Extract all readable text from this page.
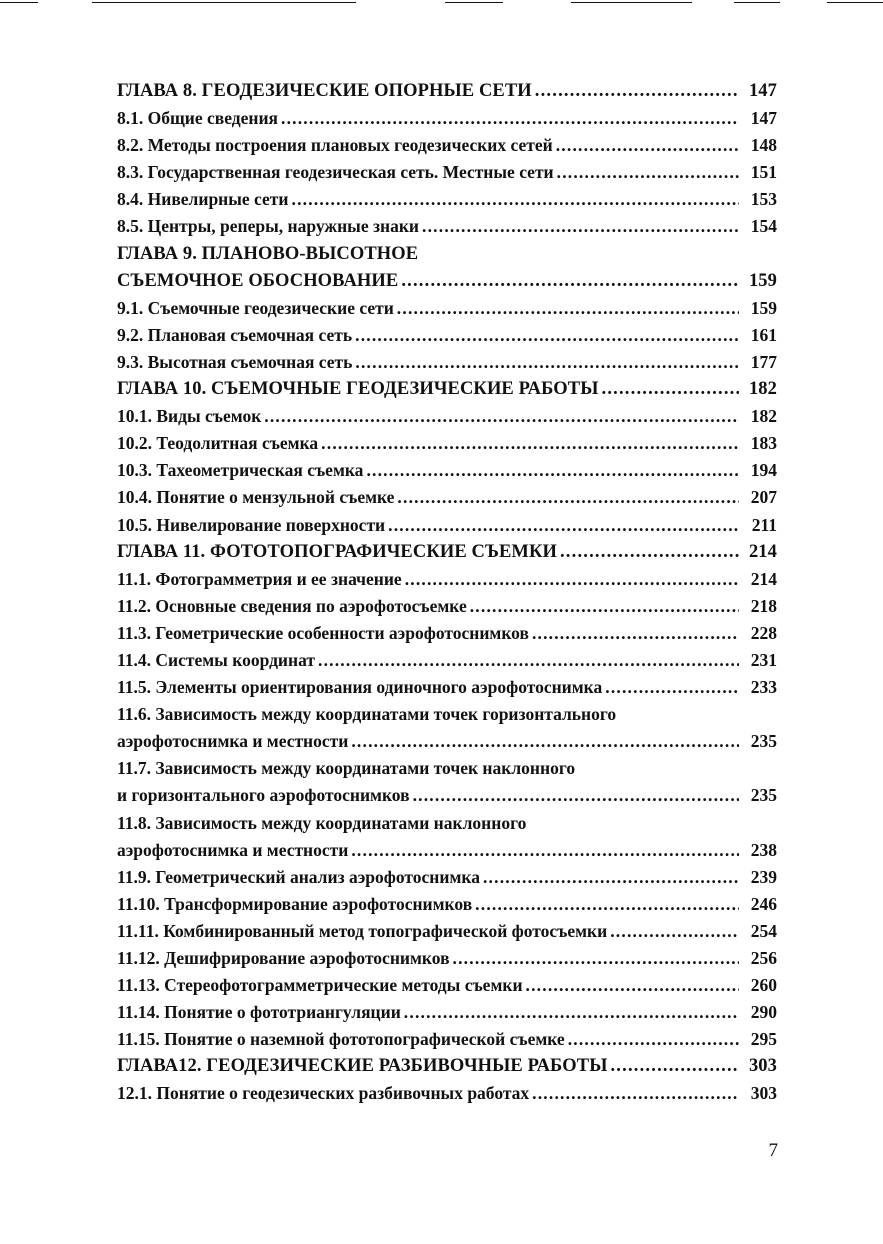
ГЛАВА 8. ГЕОДЕЗИЧЕСКИЕ ОПОРНЫЕ СЕТИ .....	147
8.1. Общие сведения .....	147
8.2. Методы построения плановых геодезических сетей .....	148
8.3. Государственная геодезическая сеть. Местные сети .....	151
8.4. Нивелирные сети .....	153
8.5. Центры, реперы, наружные знаки .....	154
ГЛАВА 9. ПЛАНОВО-ВЫСОТНОЕ
СЪЕМОЧНОЕ ОБОСНОВАНИЕ .....	159
9.1. Съемочные геодезические сети .....	159
9.2. Плановая съемочная сеть .....	161
9.3. Высотная съемочная сеть .....	177
ГЛАВА 10. СЪЕМОЧНЫЕ ГЕОДЕЗИЧЕСКИЕ РАБОТЫ .....	182
10.1. Виды съемок .....	182
10.2. Теодолитная съемка .....	183
10.3. Тахеометрическая съемка .....	194
10.4. Понятие о мензульной съемке .....	207
10.5. Нивелирование поверхности .....	211
ГЛАВА 11. ФОТОТОПОГРАФИЧЕСКИЕ СЪЕМКИ .....	214
11.1. Фотограмметрия и ее значение .....	214
11.2. Основные сведения по аэрофотосъемке .....	218
11.3. Геометрические особенности аэрофотоснимков .....	228
11.4. Системы координат .....	231
11.5. Элементы ориентирования одиночного аэрофотоснимка .....	233
11.6. Зависимость между координатами точек горизонтального
аэрофотоснимка и местности .....	235
11.7. Зависимость между координатами точек наклонного
и горизонтального аэрофотоснимков .....	235
11.8. Зависимость между координатами наклонного
аэрофотоснимка и местности .....	238
11.9. Геометрический анализ аэрофотоснимка .....	239
11.10. Трансформирование аэрофотоснимков .....	246
11.11. Комбинированный метод топографической фотосъемки .....	254
11.12. Дешифрирование аэрофотоснимков .....	256
11.13. Стереофотограмметрические методы съемки .....	260
11.14. Понятие о фототриангуляции .....	290
11.15. Понятие о наземной фототопографической съемке .....	295
ГЛАВА12. ГЕОДЕЗИЧЕСКИЕ РАЗБИВОЧНЫЕ РАБОТЫ .....	303
12.1. Понятие о геодезических разбивочных работах .....	303
7
